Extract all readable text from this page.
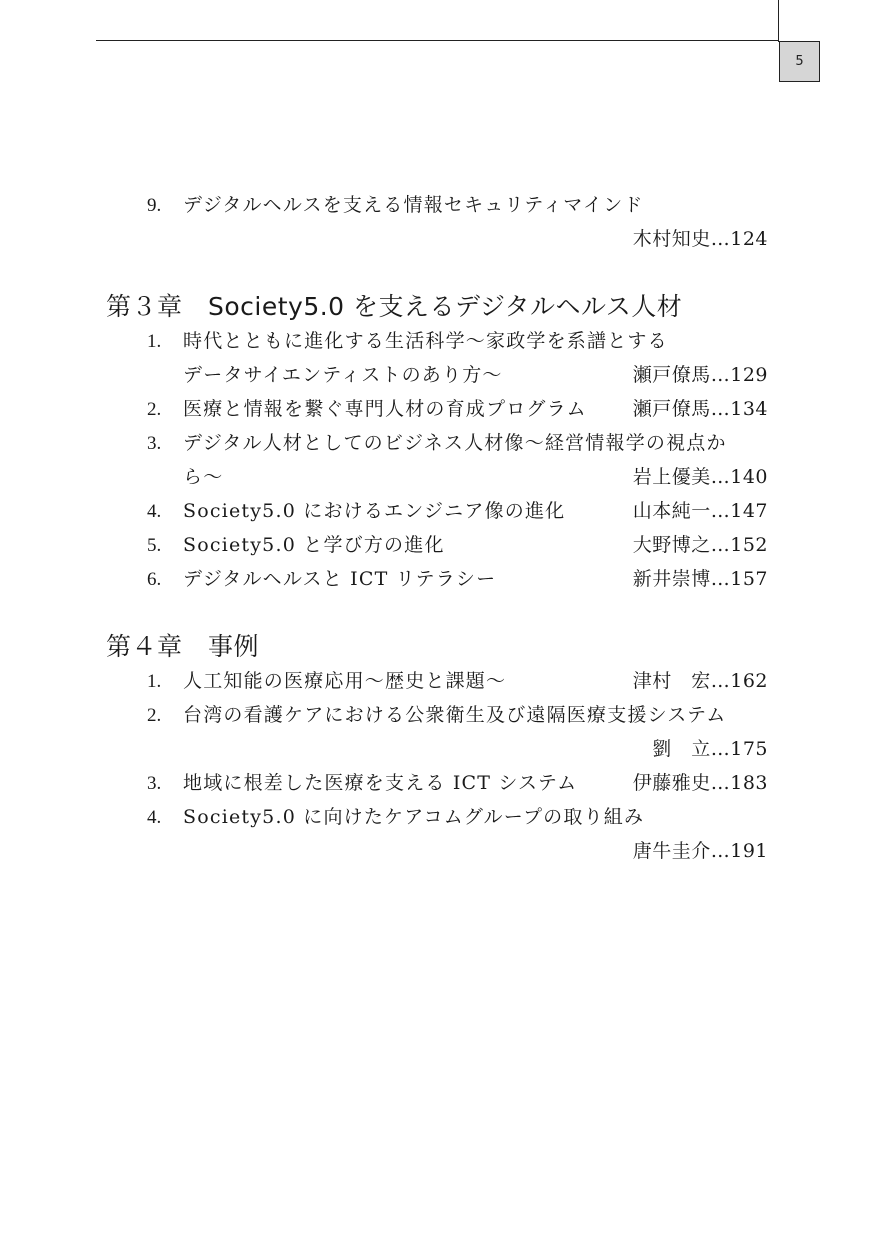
5
9. デジタルヘルスを支える情報セキュリティマインド
木村知史…124
第３章　Society5.0 を支えるデジタルヘルス人材
1. 時代とともに進化する生活科学～家政学を系譜とする
データサイエンティストのあり方～	瀬戸僚馬…129
2. 医療と情報を繋ぐ専門人材の育成プログラム 瀬戸僚馬…134
3. デジタル人材としてのビジネス人材像～経営情報学の視点か
ら～	岩上優美…140
4. Society5.0 におけるエンジニア像の進化	山本純一…147
5. Society5.0 と学び方の進化	大野博之…152
6. デジタルヘルスと ICT リテラシー	新井崇博…157
第４章　事例
1. 人工知能の医療応用～歴史と課題～	津村　宏…162
2. 台湾の看護ケアにおける公衆衛生及び遠隔医療支援システム
劉　立…175
3. 地域に根差した医療を支える ICT システム	伊藤雅史…183
4. Society5.0 に向けたケアコムグループの取り組み
唐牛圭介…191
